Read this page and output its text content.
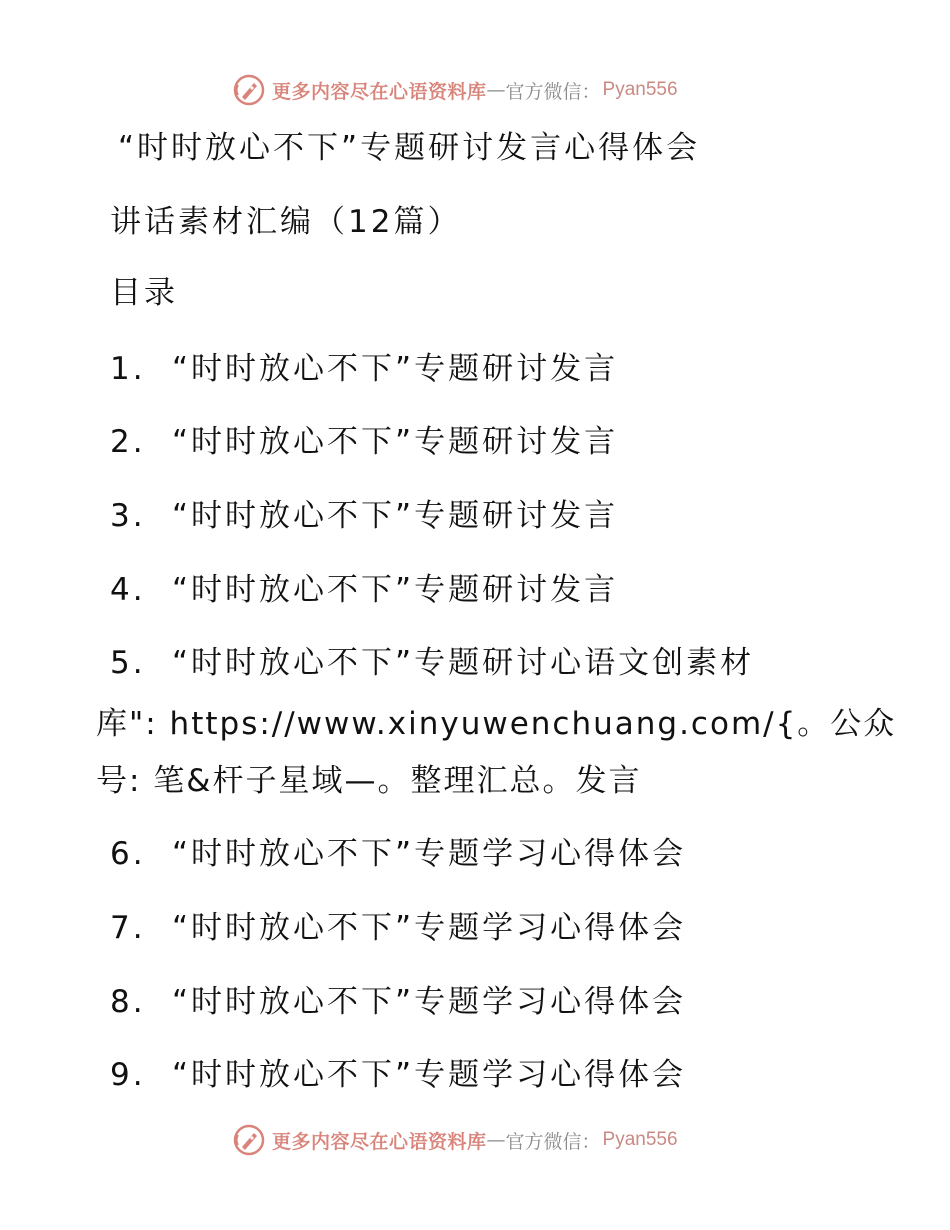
更多内容尽在心语资料库 — 官方微信： Pyan556
“时时放心不下”专题研讨发言心得体会
讲话素材汇编（12篇）
目录
1. “时时放心不下”专题研讨发言
2. “时时放心不下”专题研讨发言
3. “时时放心不下”专题研讨发言
4. “时时放心不下”专题研讨发言
5. “时时放心不下”专题研讨心语文创素材
库": https://www.xinyuwenchuang.com/{。公众
号: 笔&杆子星域—。整理汇总。发言
6. “时时放心不下”专题学习心得体会
7. “时时放心不下”专题学习心得体会
8. “时时放心不下”专题学习心得体会
9. “时时放心不下”专题学习心得体会
更多内容尽在心语资料库 — 官方微信： Pyan556
